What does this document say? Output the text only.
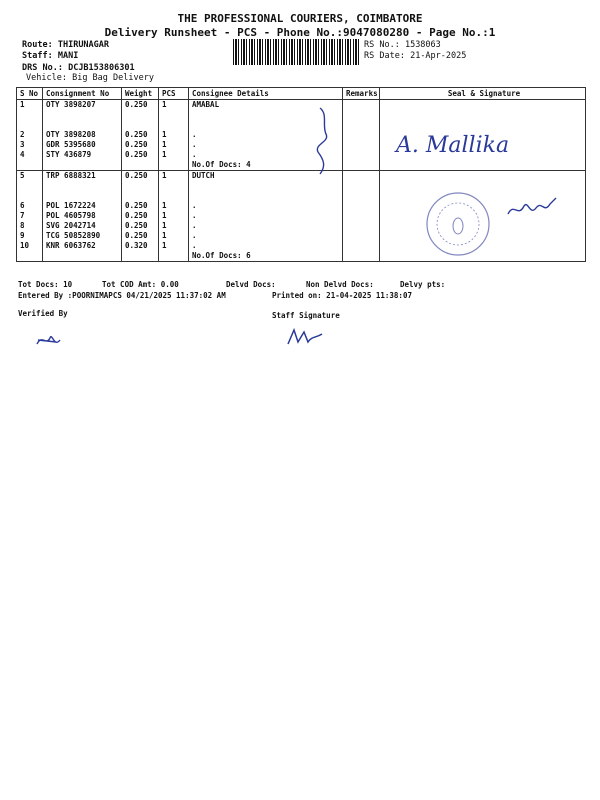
THE PROFESSIONAL COURIERS, COIMBATORE
Delivery Runsheet - PCS - Phone No.:9047080280 - Page No.:1
Route: THIRUNAGAR
Staff: MANI
DRS No.: DCJB153806301
Vehicle: Big Bag Delivery
RS No.: 1538063
RS Date: 21-Apr-2025
S No	Consignment No	Weight	PCS	Consignee Details	Remarks	Seal & Signature
1	OTY 3898207	0.250	1	AMABAL		

2	OTY 3898208	0.250	1	.		
3	GDR 5395680	0.250	1	.		
4	STY 436879	0.250	1	.		
				No.Of Docs: 4		
5	TRP 6888321	0.250	1	DUTCH		

6	POL 1672224	0.250	1	.		
7	POL 4605798	0.250	1	.		
8	SVG 2042714	0.250	1	.		
9	TCG 50852890	0.250	1	.		
10	KNR 6063762	0.320	1	.		
				No.Of Docs: 6		
Tot Docs: 10	Tot COD Amt: 0.00	Delvd Docs:	Non Delvd Docs:	Delvy pts:
Entered By :POORNIMAPCS 04/21/2025 11:37:02 AM	Printed on: 21-04-2025 11:38:07
Verified By	Staff Signature
A. Mallika
